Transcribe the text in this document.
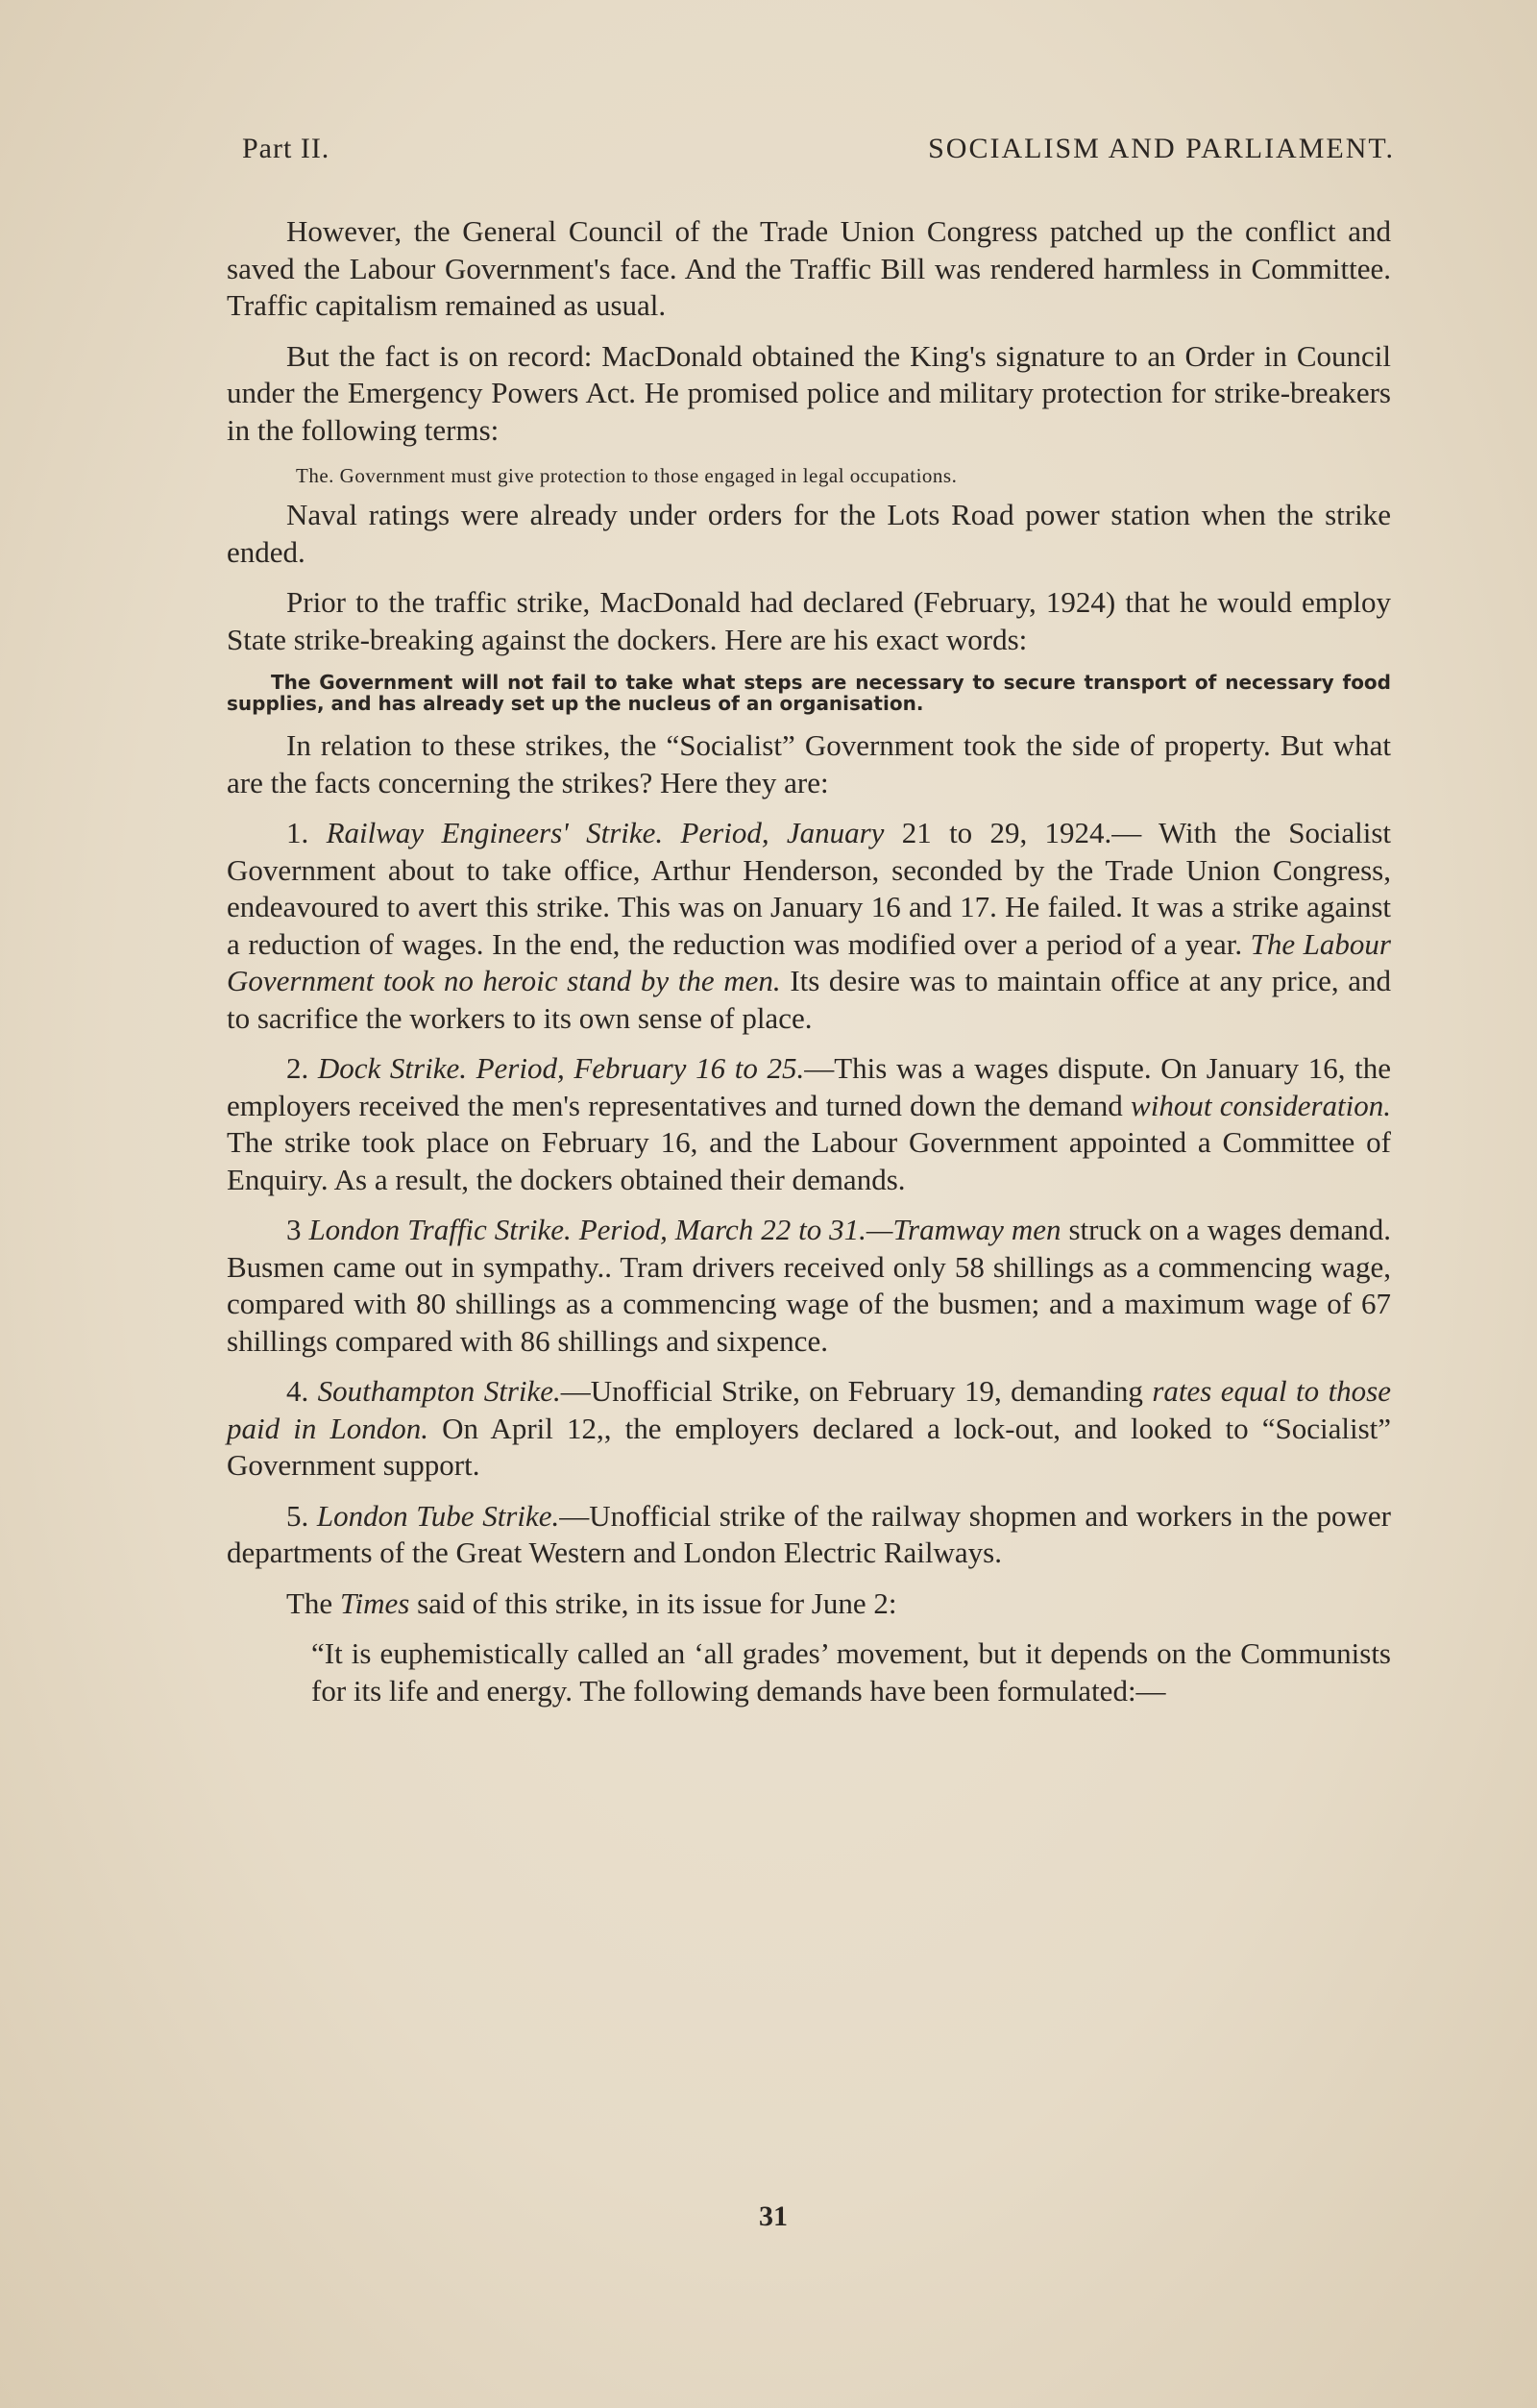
Part II.	SOCIALISM AND PARLIAMENT.

However, the General Council of the Trade Union Congress patched up the conflict and saved the Labour Government's face. And the Traffic Bill was rendered harmless in Committee. Traffic capitalism remained as usual.

But the fact is on record: MacDonald obtained the King's signature to an Order in Council under the Emergency Powers Act. He promised police and military protection for strike-breakers in the following terms:

The. Government must give protection to those engaged in legal occupations.

Naval ratings were already under orders for the Lots Road power station when the strike ended.

Prior to the traffic strike, MacDonald had declared (February, 1924) that he would employ State strike-breaking against the dockers. Here are his exact words:

The Government will not fail to take what steps are necessary to secure transport of necessary food supplies, and has already set up the nucleus of an organisation.

In relation to these strikes, the “Socialist” Government took the side of property. But what are the facts concerning the strikes? Here they are:

1. Railway Engineers' Strike. Period, January 21 to 29, 1924.— With the Socialist Government about to take office, Arthur Henderson, seconded by the Trade Union Congress, endeavoured to avert this strike. This was on January 16 and 17. He failed. It was a strike against a reduction of wages. In the end, the reduction was modified over a period of a year. The Labour Government took no heroic stand by the men. Its desire was to maintain office at any price, and to sacrifice the workers to its own sense of place.

2. Dock Strike. Period, February 16 to 25.—This was a wages dispute. On January 16, the employers received the men's representatives and turned down the demand wihout consideration. The strike took place on February 16, and the Labour Government appointed a Committee of Enquiry. As a result, the dockers obtained their demands.

3 London Traffic Strike. Period, March 22 to 31.—Tramway men struck on a wages demand. Busmen came out in sympathy.. Tram drivers received only 58 shillings as a commencing wage, compared with 80 shillings as a commencing wage of the busmen; and a maximum wage of 67 shillings compared with 86 shillings and sixpence.

4. Southampton Strike.—Unofficial Strike, on February 19, demanding rates equal to those paid in London. On April 12,, the employers declared a lock-out, and looked to “Socialist” Government support.

5. London Tube Strike.—Unofficial strike of the railway shopmen and workers in the power departments of the Great Western and London Electric Railways.

The Times said of this strike, in its issue for June 2:

“It is euphemistically called an ‘all grades’ movement, but it depends on the Communists for its life and energy. The following demands have been formulated:—

31
